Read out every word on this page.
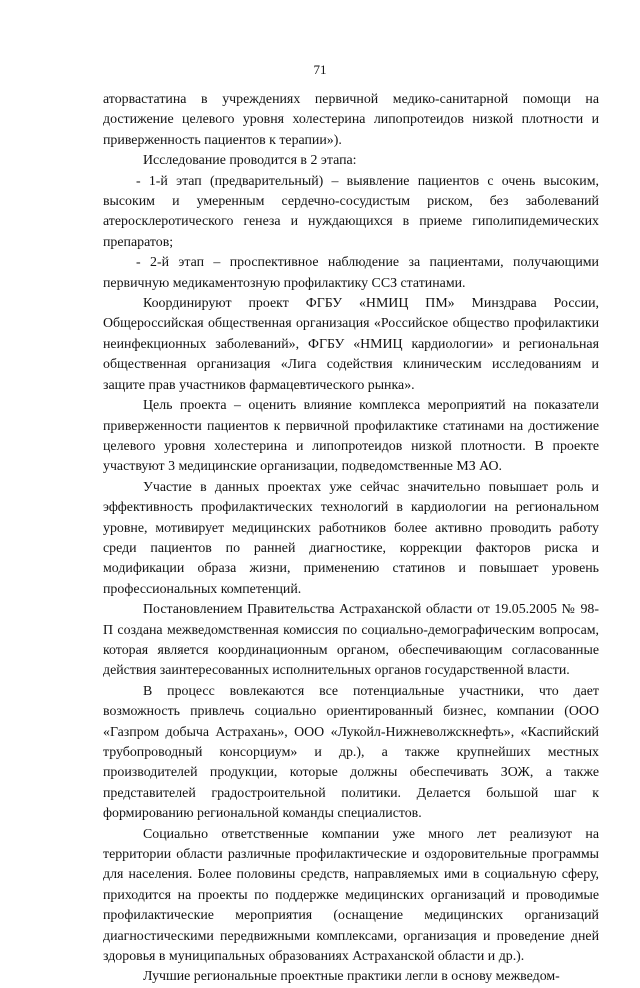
71

аторвастатина в учреждениях первичной медико-санитарной помощи на достижение целевого уровня холестерина липопротеидов низкой плотности и приверженность пациентов к терапии»).

Исследование проводится в 2 этапа:

- 1-й этап (предварительный) – выявление пациентов с очень высоким, высоким и умеренным сердечно-сосудистым риском, без заболеваний атеросклеротического генеза и нуждающихся в приеме гиполипидемических препаратов;

- 2-й этап – проспективное наблюдение за пациентами, получающими первичную медикаментозную профилактику ССЗ статинами.

Координируют проект ФГБУ «НМИЦ ПМ» Минздрава России, Общероссийская общественная организация «Российское общество профилактики неинфекционных заболеваний», ФГБУ «НМИЦ кардиологии» и региональная общественная организация «Лига содействия клиническим исследованиям и защите прав участников фармацевтического рынка».

Цель проекта – оценить влияние комплекса мероприятий на показатели приверженности пациентов к первичной профилактике статинами на достижение целевого уровня холестерина и липопротеидов низкой плотности. В проекте участвуют 3 медицинские организации, подведомственные МЗ АО.

Участие в данных проектах уже сейчас значительно повышает роль и эффективность профилактических технологий в кардиологии на региональном уровне, мотивирует медицинских работников более активно проводить работу среди пациентов по ранней диагностике, коррекции факторов риска и модификации образа жизни, применению статинов и повышает уровень профессиональных компетенций.

Постановлением Правительства Астраханской области от 19.05.2005 № 98-П создана межведомственная комиссия по социально-демографическим вопросам, которая является координационным органом, обеспечивающим согласованные действия заинтересованных исполнительных органов государственной власти.

В процесс вовлекаются все потенциальные участники, что дает возможность привлечь социально ориентированный бизнес, компании (ООО «Газпром добыча Астрахань», ООО «Лукойл-Нижневолжскнефть», «Каспийский трубопроводный консорциум» и др.), а также крупнейших местных производителей продукции, которые должны обеспечивать ЗОЖ, а также представителей градостроительной политики. Делается большой шаг к формированию региональной команды специалистов.

Социально ответственные компании уже много лет реализуют на территории области различные профилактические и оздоровительные программы для населения. Более половины средств, направляемых ими в социальную сферу, приходится на проекты по поддержке медицинских организаций и проводимые профилактические мероприятия (оснащение медицинских организаций диагностическими передвижными комплексами, организация и проведение дней здоровья в муниципальных образованиях Астраханской области и др.).

Лучшие региональные проектные практики легли в основу межведом-
